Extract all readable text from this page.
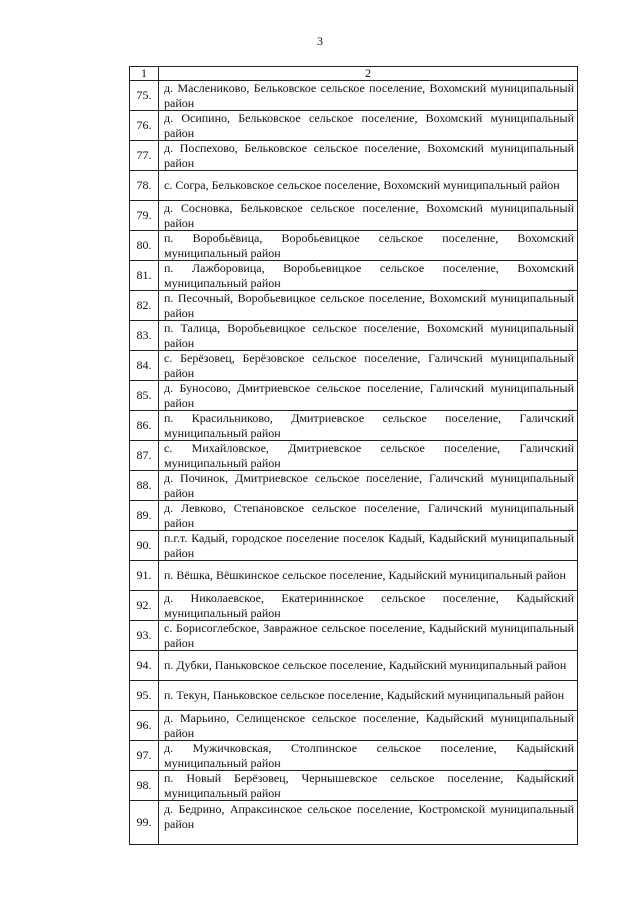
3
1	2
75.	д. Масленикoво, Бельковское сельское поселение, Вохомский муниципальный район
76.	д. Осипино, Бельковское сельское поселение, Вохомский муниципальный район
77.	д. Поспехово, Бельковское сельское поселение, Вохомский муниципальный район
78.	с. Согра, Бельковское сельское поселение, Вохомский муниципальный район
79.	д. Сосновка, Бельковское сельское поселение, Вохомский муниципальный район
80.	п. Воробьёвица, Воробьевицкое сельское поселение, Вохомский муниципальный район
81.	п. Лажборовица, Воробьевицкое сельское поселение, Вохомский муниципальный район
82.	п. Песочный, Воробьевицкое сельское поселение, Вохомский муниципальный район
83.	п. Талица, Воробьевицкое сельское поселение, Вохомский муниципальный район
84.	с. Берёзовец, Берёзовское сельское поселение, Галичский муниципальный район
85.	д. Буносово, Дмитриевское сельское поселение, Галичский муниципальный район
86.	п. Красильниково, Дмитриевское сельское поселение, Галичский муниципальный район
87.	с. Михайловское, Дмитриевское сельское поселение, Галичский муниципальный район
88.	д. Починок, Дмитриевское сельское поселение, Галичский муниципальный район
89.	д. Левково, Степановское сельское поселение, Галичский муниципальный район
90.	п.г.т. Кадый, городское поселение поселок Кадый, Кадыйский муниципальный район
91.	п. Вёшка, Вёшкинское сельское поселение, Кадыйский муниципальный район
92.	д. Николаевское, Екатерининское сельское поселение, Кадыйский муниципальный район
93.	с. Борисоглебское, Завражное сельское поселение, Кадыйский муниципальный район
94.	п. Дубки, Паньковское сельское поселение, Кадыйский муниципальный район
95.	п. Текун, Паньковское сельское поселение, Кадыйский муниципальный район
96.	д. Марьино, Селищенское сельское поселение, Кадыйский муниципальный район
97.	д. Мужичковская, Столпинское сельское поселение, Кадыйский муниципальный район
98.	п. Новый Берёзовец, Чернышевское сельское поселение, Кадыйский муниципальный район
99.	д. Бедрино, Апраксинское сельское поселение, Костромской муниципальный район
